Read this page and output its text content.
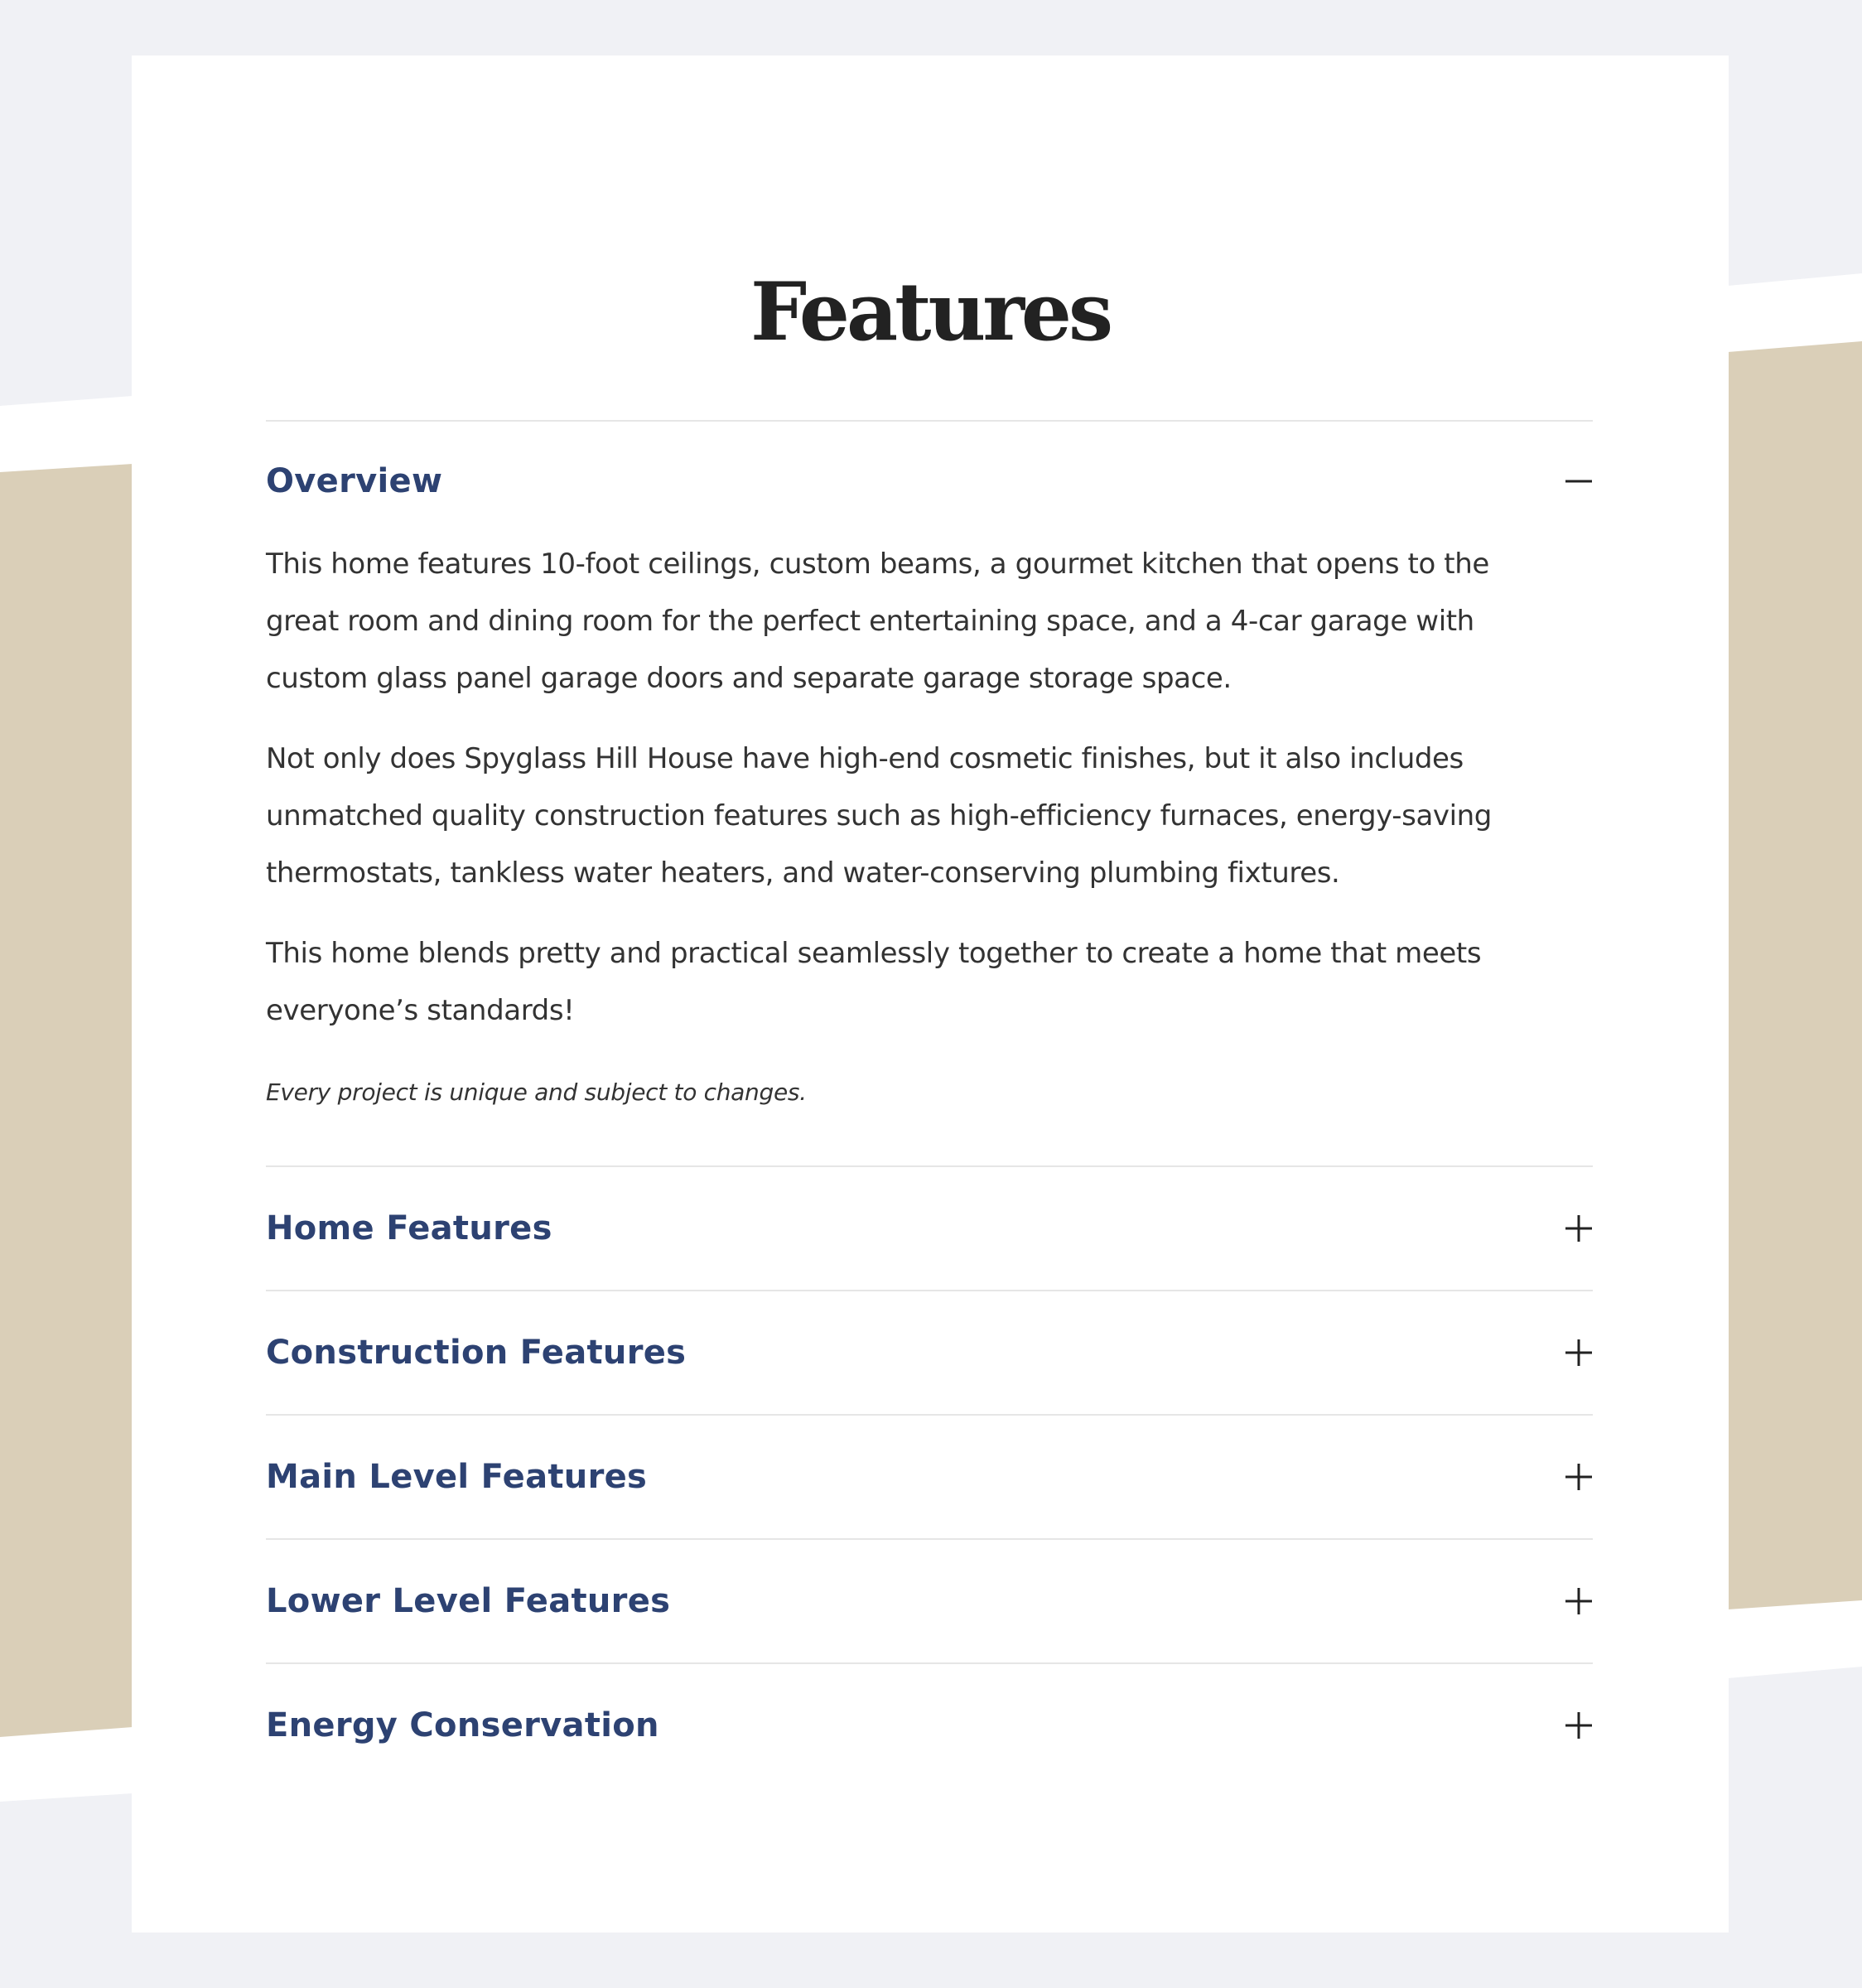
Features
Overview

This home features 10-foot ceilings, custom beams, a gourmet kitchen that opens to the great room and dining room for the perfect entertaining space, and a 4-car garage with custom glass panel garage doors and separate garage storage space.

Not only does Spyglass Hill House have high-end cosmetic finishes, but it also includes unmatched quality construction features such as high-efficiency furnaces, energy-saving thermostats, tankless water heaters, and water-conserving plumbing fixtures.

This home blends pretty and practical seamlessly together to create a home that meets everyone’s standards!

Every project is unique and subject to changes.

Home Features
Construction Features
Main Level Features
Lower Level Features
Energy Conservation
